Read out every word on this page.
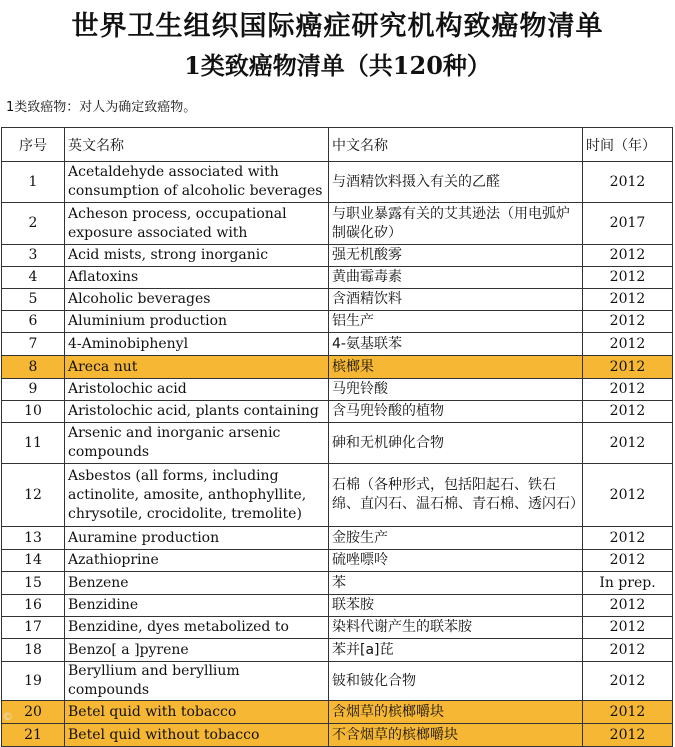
世界卫生组织国际癌症研究机构致癌物清单
1类致癌物清单（共120种）
1类致癌物：对人为确定致癌物。
序号	英文名称	中文名称	时间（年）
1	Acetaldehyde associated with consumption of alcoholic beverages	与酒精饮料摄入有关的乙醛	2012
2	Acheson process, occupational exposure associated with	与职业暴露有关的艾其逊法（用电弧炉制碳化矽）	2017
3	Acid mists, strong inorganic	强无机酸雾	2012
4	Aflatoxins	黄曲霉毒素	2012
5	Alcoholic beverages	含酒精饮料	2012
6	Aluminium production	铝生产	2012
7	4-Aminobiphenyl	4-氨基联苯	2012
8	Areca nut	槟榔果	2012
9	Aristolochic acid	马兜铃酸	2012
10	Aristolochic acid, plants containing	含马兜铃酸的植物	2012
11	Arsenic and inorganic arsenic compounds	砷和无机砷化合物	2012
12	Asbestos (all forms, including actinolite, amosite, anthophyllite, chrysotile, crocidolite, tremolite)	石棉（各种形式，包括阳起石、铁石绵、直闪石、温石棉、青石棉、透闪石）	2012
13	Auramine production	金胺生产	2012
14	Azathioprine	硫唑嘌呤	2012
15	Benzene	苯	In prep.
16	Benzidine	联苯胺	2012
17	Benzidine, dyes metabolized to	染料代谢产生的联苯胺	2012
18	Benzo[ a ]pyrene	苯并[a]芘	2012
19	Beryllium and beryllium compounds	铍和铍化合物	2012
20	Betel quid with tobacco	含烟草的槟榔嚼块	2012
21	Betel quid without tobacco	不含烟草的槟榔嚼块	2012
©
